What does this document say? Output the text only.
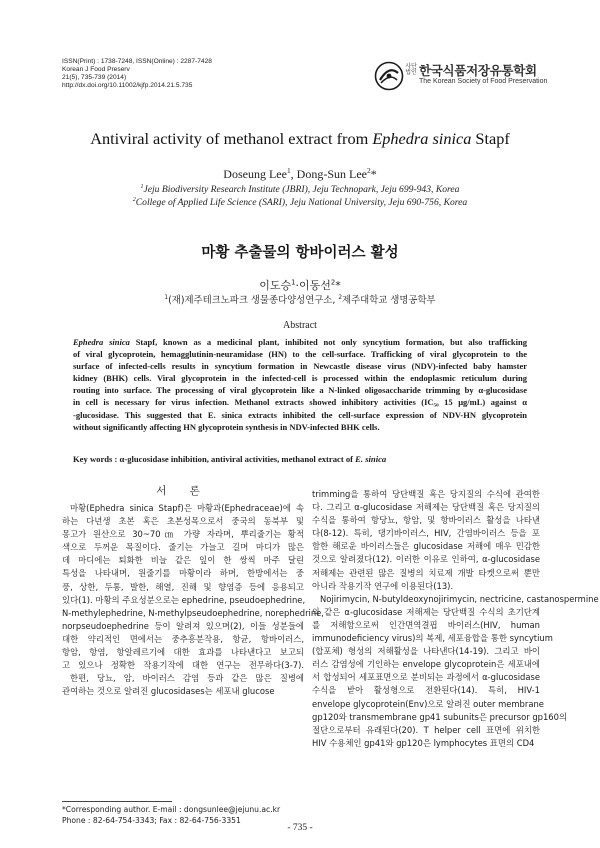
ISSN(Print) : 1738-7248, ISSN(Online) : 2287-7428
Korean J Food Preserv
21(5), 735-739 (2014)
http://dx.doi.org/10.11002/kjfp.2014.21.5.735
사단
법인 한국식품저장유통학회
The Korean Society of Food Preservation
Antiviral activity of methanol extract from Ephedra sinica Stapf
Doseung Lee$^1$, Dong-Sun Lee$^2$*
$^1$Jeju Biodiversity Research Institute (JBRI), Jeju Technopark, Jeju 699-943, Korea
$^2$College of Applied Life Science (SARI), Jeju National University, Jeju 690-756, Korea
마황 추출물의 항바이러스 활성
이도승$^1$·이동선$^2$*
$^1$(재)제주테크노파크 생물종다양성연구소, $^2$제주대학교 생명공학부
Abstract
Ephedra sinica Stapf, known as a medicinal plant, inhibited not only syncytium formation, but also trafficking
of viral glycoprotein, hemagglutinin-neuramidase (HN) to the cell-surface. Trafficking of viral glycoprotein to the
surface of infected-cells results in syncytium formation in Newcastle disease virus (NDV)-infected baby hamster
kidney (BHK) cells. Viral glycoprotein in the infected-cell is processed within the endoplasmic reticulum during
routing into surface. The processing of viral glycoprotein like a N-linked oligosaccharide trimming by α-glucosidase
in cell is necessary for virus infection. Methanol extracts showed inhibitory activities (IC₅₀ 15 μg/mL) against α
-glucosidase. This suggested that E. sinica extracts inhibited the cell-surface expression of NDV-HN glycoprotein
without significantly affecting HN glycoprotein synthesis in NDV-infected BHK cells.
Key words : α-glucosidase inhibition, antiviral activities, methanol extract of E. sinica
서 론
마황(Ephedra sinica Stapf)은 마황과(Ephedraceae)에 속
하는 다년생 초본 혹은 초본성목으로서 중국의 동북부 및
몽고가 원산으로 30~70㎝ 가량 자라며, 뿌리줄기는 황적
색으로 두꺼운 목질이다. 줄기는 가늘고 길며 마디가 많은
데 마디에는 퇴화한 비늘 같은 잎이 한 쌍씩 마주 달린
특성을 나타내며, 원줄기를 마황이라 하며, 한방에서는 중
풍, 상한, 두통, 발한, 해열, 진해 및 향염증 등에 응용되고
있다(1). 마황의 주요성분으로는 ephedrine, pseudoephedrine,
N-methylephedrine, N-methylpseudoephedrine, norephedrine,
norpseudoephedrine 등이 알려져 있으며(2), 이들 성분들에
대한 약리적인 면에서는 중추흥분작용, 항균, 항바이러스,
항암, 항염, 항알레르기에 대한 효과를 나타낸다고 보고되
고 있으나 정확한 작용기작에 대한 연구는 전무하다(3-7).
한편, 당뇨, 암, 바이러스 감염 등과 같은 많은 질병에
관여하는 것으로 알려진 glucosidases는 세포내 glucose
trimming을 통하여 당단백질 혹은 당지질의 수식에 관여한
다. 그리고 α-glucosidase 저해제는 당단백질 혹은 당지질의
수식을 통하여 항당뇨, 항암, 및 항바이러스 활성을 나타낸
다(8-12). 특히, 댕기바이러스, HIV, 간염바이러스 등을 포
함한 해로운 바이러스들은 glucosidase 저해에 매우 민감한
것으로 알려졌다(12). 이러한 이유로 인하여, α-glucosidase
저해제는 관련된 많은 질병의 치료제 개발 타켓으로써 뿐만
아니라 작용기작 연구에 이용된다(13).
Nojirimycin, N-butyldeoxynojirimycin, nectricine, castanospermine
와 같은 α-glucosidase 저해제는 당단백질 수식의 초기단계
를 저해함으로써 인간면역결핍 바이러스(HIV, human
immunodeficiency virus)의 복제, 세포융합을 통한 syncytium
(합포체) 형성의 저해활성을 나타낸다(14-19). 그리고 바이
러스 감염성에 기인하는 envelope glycoprotein은 세포내에
서 합성되어 세포표면으로 분비되는 과정에서 α-glucosidase
수식을 받아 활성형으로 전환된다(14). 특히, HIV-1
envelope glycoprotein(Env)으로 알려진 outer membrane
gp120와 transmembrane gp41 subunits은 precursor gp160의
절단으로부터 유래된다(20). T helper cell 표면에 위치한
HIV 수용체인 gp41와 gp120은 lymphocytes 표면의 CD4
*Corresponding author. E-mail : dongsunlee@jejunu.ac.kr
Phone : 82-64-754-3343; Fax : 82-64-756-3351
- 735 -
